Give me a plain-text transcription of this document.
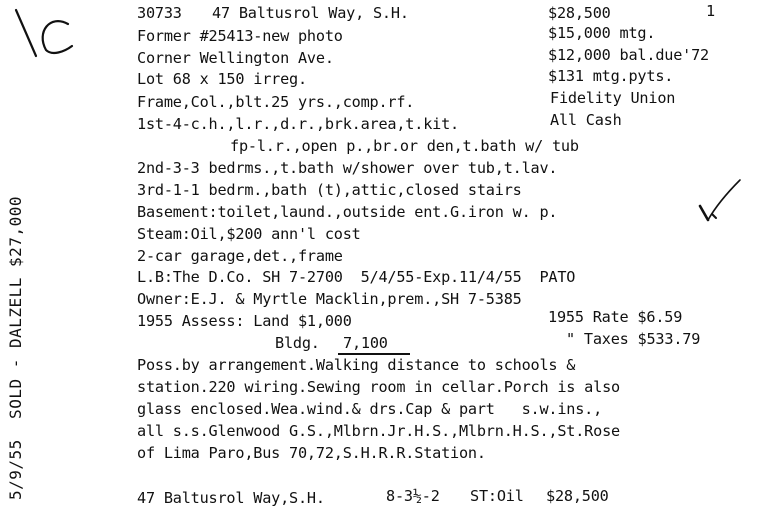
5/9/55  SOLD - DALZELL $27,000
30733 47 Baltusrol Way, S.H.	$28,500	1
Former #25413-new photo	$15,000 mtg.
Corner Wellington Ave.	$12,000 bal.due'72
Lot 68 x 150 irreg.	$131 mtg.pyts.
Frame,Col.,blt.25 yrs.,comp.rf.	Fidelity Union
1st-4-c.h.,l.r.,d.r.,brk.area,t.kit.	All Cash
fp-l.r.,open p.,br.or den,t.bath w/ tub
2nd-3-3 bedrms.,t.bath w/shower over tub,t.lav.
3rd-1-1 bedrm.,bath (t),attic,closed stairs
Basement:toilet,laund.,outside ent.G.iron w. p.
Steam:Oil,$200 ann'l cost
2-car garage,det.,frame
L.B:The D.Co. SH 7-2700  5/4/55-Exp.11/4/55  PATO
Owner:E.J. & Myrtle Macklin,prem.,SH 7-5385
1955 Assess: Land $1,000	1955 Rate $6.59
Bldg. 7,100	" Taxes $533.79
Poss.by arrangement.Walking distance to schools &
station.220 wiring.Sewing room in cellar.Porch is also
glass enclosed.Wea.wind.& drs.Cap & part   s.w.ins.,
all s.s.Glenwood G.S.,Mlbrn.Jr.H.S.,Mlbrn.H.S.,St.Rose
of Lima Paro,Bus 70,72,S.H.R.R.Station.
47 Baltusrol Way,S.H.	8-3½-2 ST:Oil $28,500
